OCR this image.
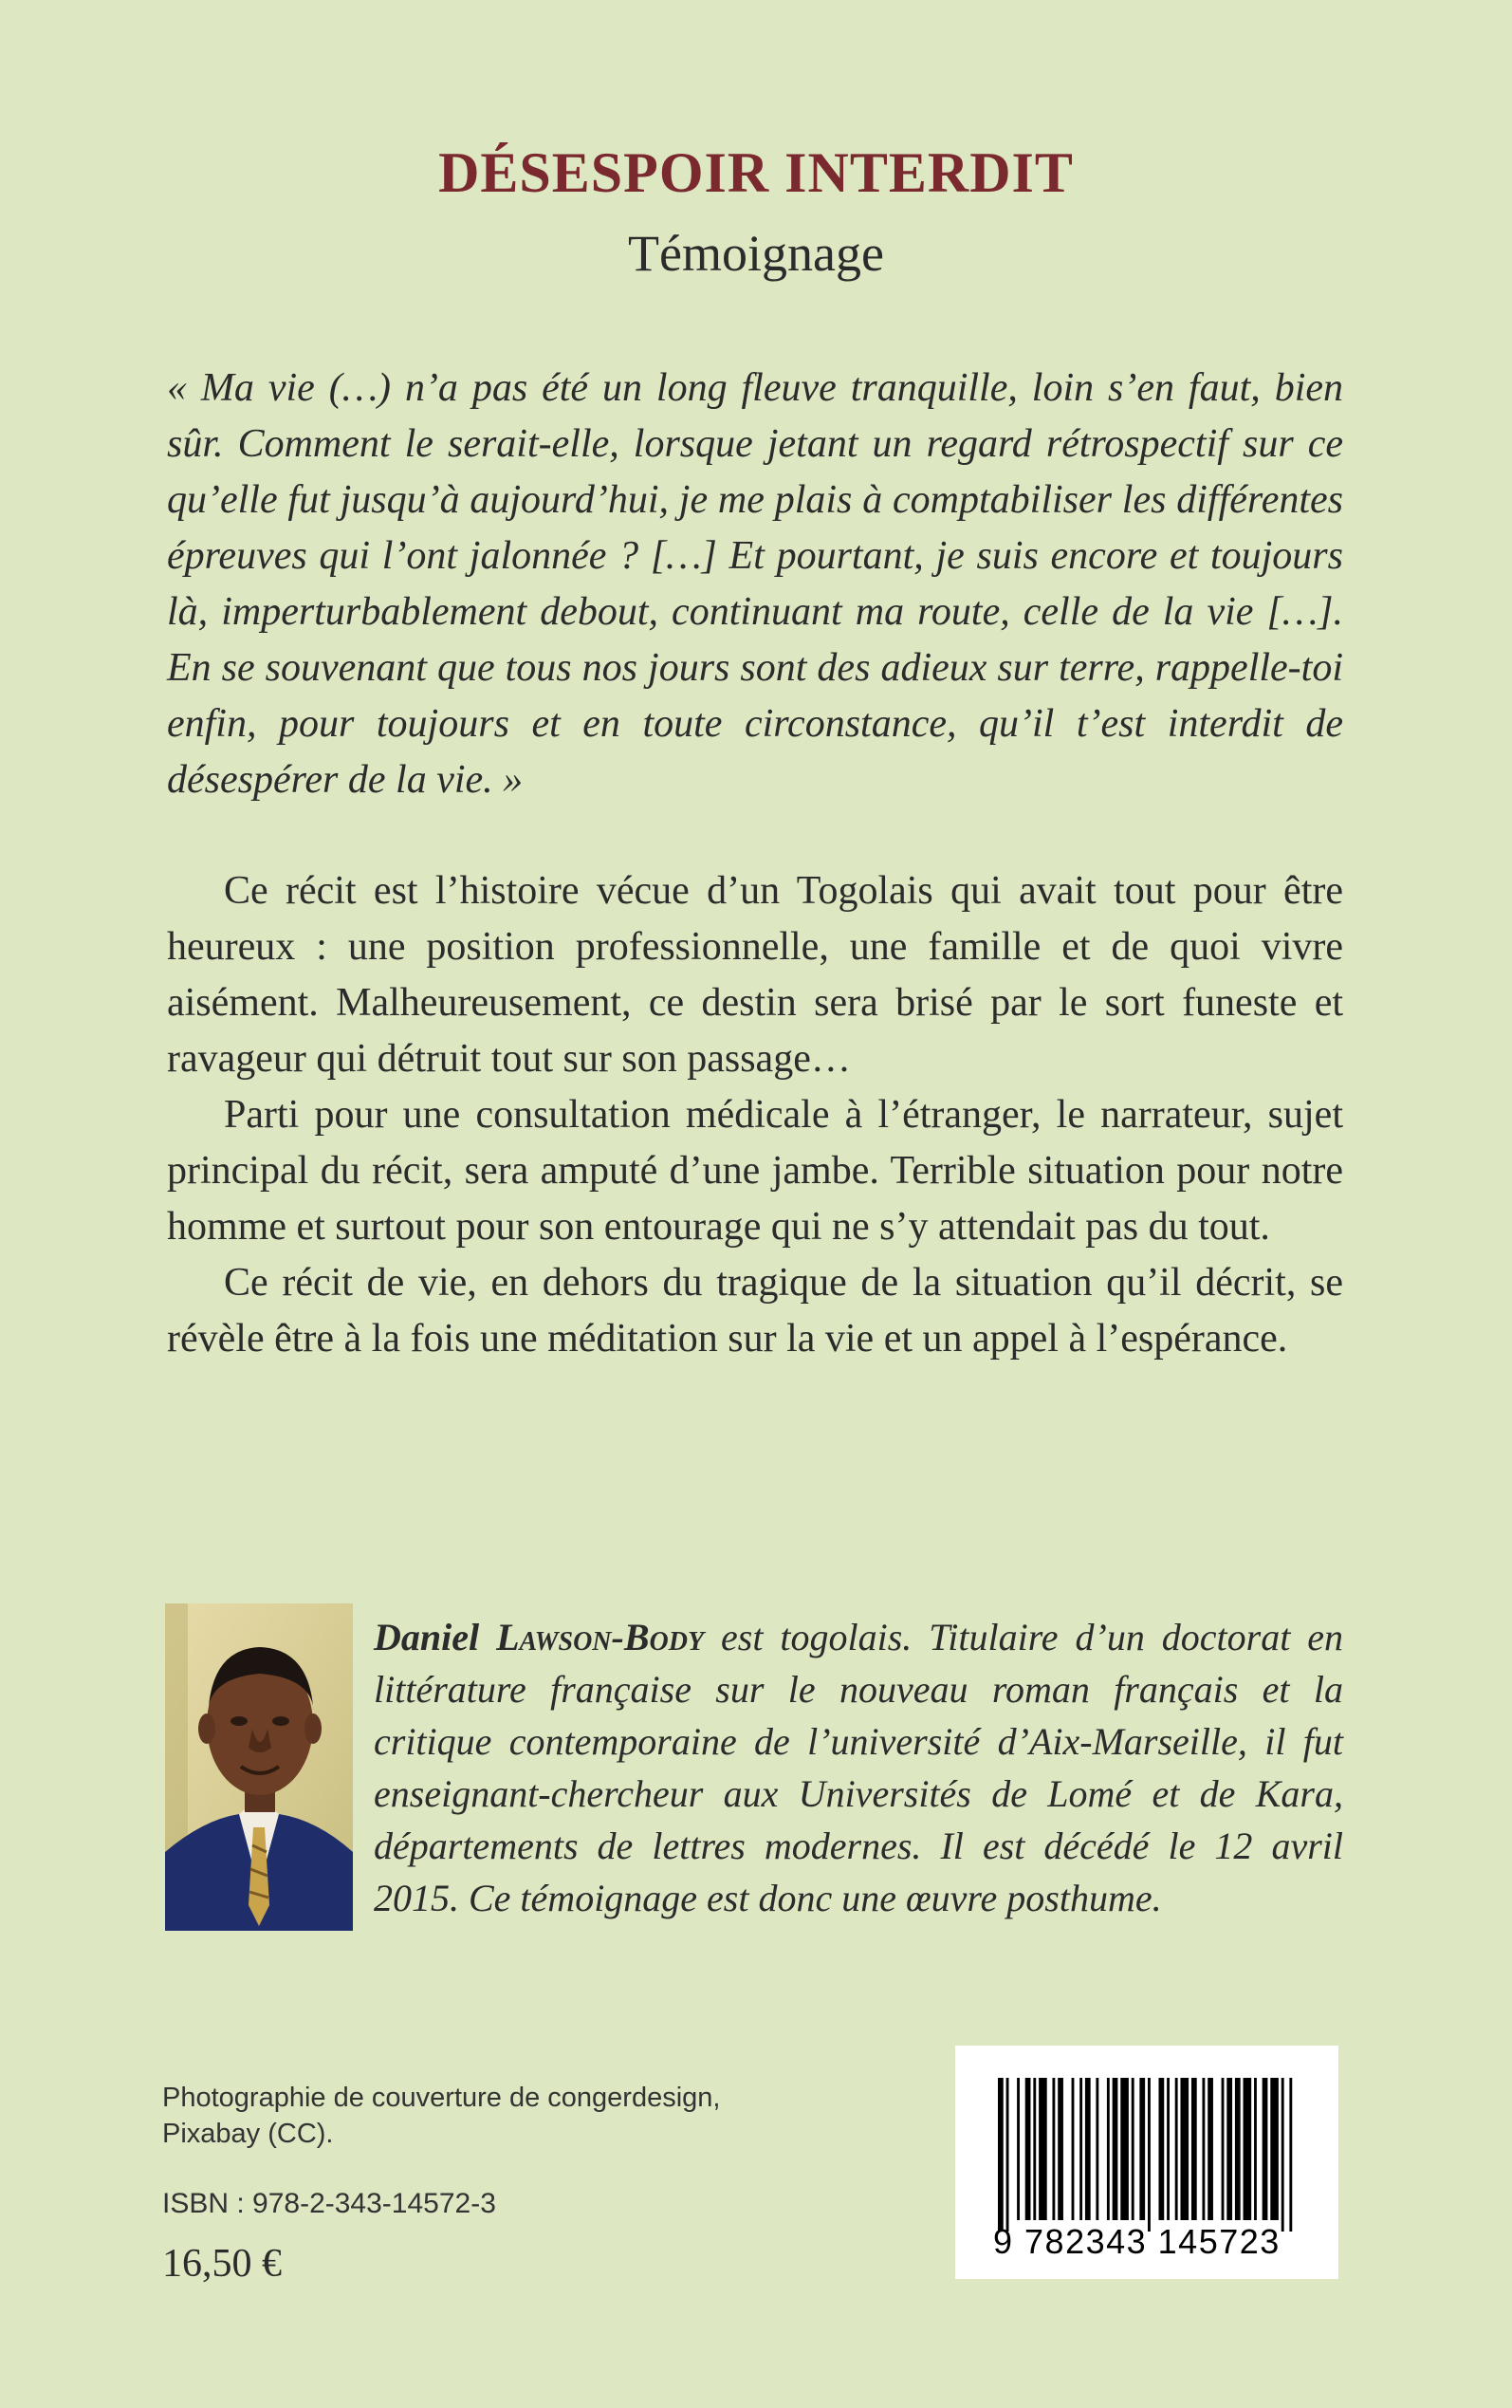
DÉSESPOIR INTERDIT
Témoignage

« Ma vie (…) n’a pas été un long fleuve tranquille, loin s’en faut, bien sûr. Comment le serait-elle, lorsque jetant un regard rétrospectif sur ce qu’elle fut jusqu’à aujourd’hui, je me plais à comptabiliser les différentes épreuves qui l’ont jalonnée ? […] Et pourtant, je suis encore et toujours là, imperturbablement debout, continuant ma route, celle de la vie […]. En se souvenant que tous nos jours sont des adieux sur terre, rappelle-toi enfin, pour toujours et en toute circonstance, qu’il t’est interdit de désespérer de la vie. »

Ce récit est l’histoire vécue d’un Togolais qui avait tout pour être heureux : une position professionnelle, une famille et de quoi vivre aisément. Malheureusement, ce destin sera brisé par le sort funeste et ravageur qui détruit tout sur son passage…

Parti pour une consultation médicale à l’étranger, le narrateur, sujet principal du récit, sera amputé d’une jambe. Terrible situation pour notre homme et surtout pour son entourage qui ne s’y attendait pas du tout.

Ce récit de vie, en dehors du tragique de la situation qu’il décrit, se révèle être à la fois une méditation sur la vie et un appel à l’espérance.

Daniel Lawson-Body est togolais. Titulaire d’un doctorat en littérature française sur le nouveau roman français et la critique contemporaine de l’université d’Aix-Marseille, il fut enseignant-chercheur aux Universités de Lomé et de Kara, départements de lettres modernes. Il est décédé le 12 avril 2015. Ce témoignage est donc une œuvre posthume.

Photographie de couverture de congerdesign,
Pixabay (CC).
ISBN : 978-2-343-14572-3
16,50 €
9 782343 145723
